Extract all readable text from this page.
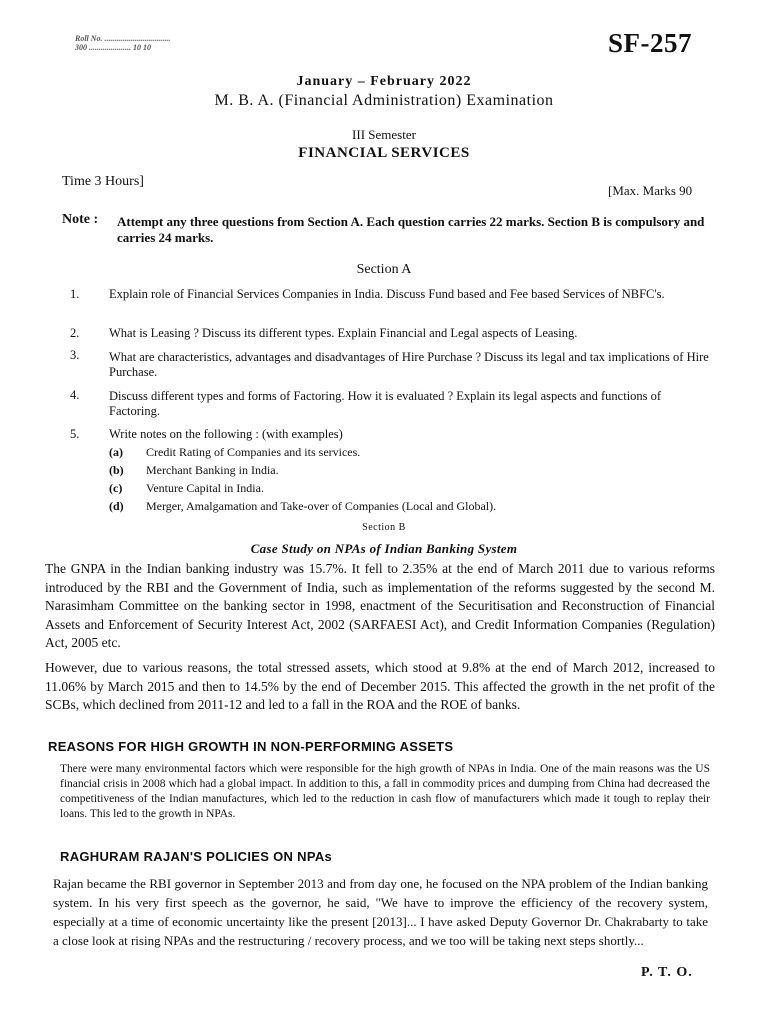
Roll No. .................................
300 ..................... 10 10	SF-257
January – February 2022
M. B. A. (Financial Administration) Examination
III Semester
FINANCIAL SERVICES
Time 3 Hours]
[Max. Marks 90
Note : Attempt any three questions from Section A. Each question carries 22 marks. Section B is compulsory and carries 24 marks.
Section A
1. Explain role of Financial Services Companies in India. Discuss Fund based and Fee based Services of NBFC's.
2. What is Leasing ? Discuss its different types. Explain Financial and Legal aspects of Leasing.
3. What are characteristics, advantages and disadvantages of Hire Purchase ? Discuss its legal and tax implications of Hire Purchase.
4. Discuss different types and forms of Factoring. How it is evaluated ? Explain its legal aspects and functions of Factoring.
5. Write notes on the following : (with examples)
(a) Credit Rating of Companies and its services.
(b) Merchant Banking in India.
(c) Venture Capital in India.
(d) Merger, Amalgamation and Take-over of Companies (Local and Global).
Section B
Case Study on NPAs of Indian Banking System
The GNPA in the Indian banking industry was 15.7%. It fell to 2.35% at the end of March 2011 due to various reforms introduced by the RBI and the Government of India, such as implementation of the reforms suggested by the second M. Narasimham Committee on the banking sector in 1998, enactment of the Securitisation and Reconstruction of Financial Assets and Enforcement of Security Interest Act, 2002 (SARFAESI Act), and Credit Information Companies (Regulation) Act, 2005 etc.
However, due to various reasons, the total stressed assets, which stood at 9.8% at the end of March 2012, increased to 11.06% by March 2015 and then to 14.5% by the end of December 2015. This affected the growth in the net profit of the SCBs, which declined from 2011-12 and led to a fall in the ROA and the ROE of banks.
REASONS FOR HIGH GROWTH IN NON-PERFORMING ASSETS
There were many environmental factors which were responsible for the high growth of NPAs in India. One of the main reasons was the US financial crisis in 2008 which had a global impact. In addition to this, a fall in commodity prices and dumping from China had decreased the competitiveness of the Indian manufactures, which led to the reduction in cash flow of manufacturers which made it tough to replay their loans. This led to the growth in NPAs.
RAGHURAM RAJAN'S POLICIES ON NPAs
Rajan became the RBI governor in September 2013 and from day one, he focused on the NPA problem of the Indian banking system. In his very first speech as the governor, he said, "We have to improve the efficiency of the recovery system, especially at a time of economic uncertainty like the present [2013]... I have asked Deputy Governor Dr. Chakrabarty to take a close look at rising NPAs and the restructuring / recovery process, and we too will be taking next steps shortly...
P. T. O.
